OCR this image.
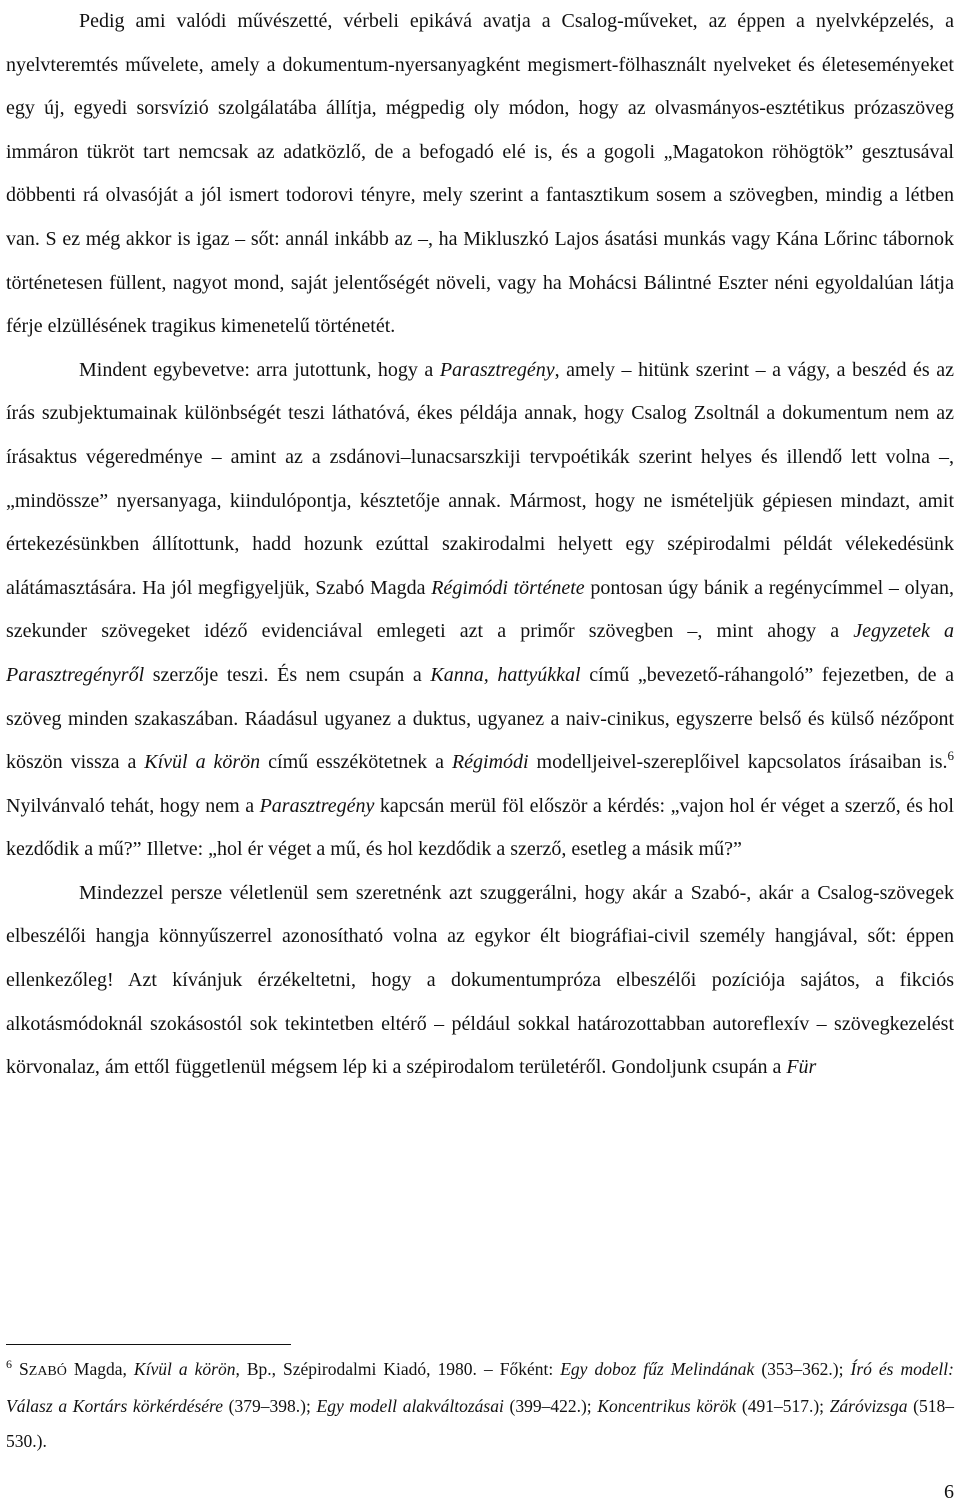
Pedig ami valódi művészetté, vérbeli epikává avatja a Csalog-műveket, az éppen a nyelvképzelés, a nyelvteremtés művelete, amely a dokumentum-nyersanyagként megismert-fölhasznált nyelveket és életeseményeket egy új, egyedi sorsvízió szolgálatába állítja, mégpedig oly módon, hogy az olvasmányos-esztétikus prózaszöveg immáron tükröt tart nemcsak az adatközlő, de a befogadó elé is, és a gogoli „Magatokon röhögtök” gesztusával döbbenti rá olvasóját a jól ismert todorovi tényre, mely szerint a fantasztikum sosem a szövegben, mindig a létben van. S ez még akkor is igaz – sőt: annál inkább az –, ha Mikluszkó Lajos ásatási munkás vagy Kána Lőrinc tábornok történetesen füllent, nagyot mond, saját jelentőségét növeli, vagy ha Mohácsi Bálintné Eszter néni egyoldalúan látja férje elzüllésének tragikus kimenetelű történetét.

Mindent egybevetve: arra jutottunk, hogy a Parasztregény, amely – hitünk szerint – a vágy, a beszéd és az írás szubjektumainak különbségét teszi láthatóvá, ékes példája annak, hogy Csalog Zsoltnál a dokumentum nem az írásaktus végeredménye – amint az a zsdánovi–lunacsarszkiji tervpoétikák szerint helyes és illendő lett volna –, „mindössze” nyersanyaga, kiindulópontja, késztetője annak. Mármost, hogy ne ismételjük gépiesen mindazt, amit értekezésünkben állítottunk, hadd hozunk ezúttal szakirodalmi helyett egy szépirodalmi példát vélekedésünk alátámasztására. Ha jól megfigyeljük, Szabó Magda Régimódi története pontosan úgy bánik a regénycímmel – olyan, szekunder szövegeket idéző evidenciával emlegeti azt a primőr szövegben –, mint ahogy a Jegyzetek a Parasztregényről szerzője teszi. És nem csupán a Kanna, hattyúkkal című „bevezető-ráhangoló” fejezetben, de a szöveg minden szakaszában. Ráadásul ugyanez a duktus, ugyanez a naiv-cinikus, egyszerre belső és külső nézőpont köszön vissza a Kívül a körön című esszékötetnek a Régimódi modelljeivel-szereplőivel kapcsolatos írásaiban is.$^6$ Nyilvánvaló tehát, hogy nem a Parasztregény kapcsán merül föl először a kérdés: „vajon hol ér véget a szerző, és hol kezdődik a mű?” Illetve: „hol ér véget a mű, és hol kezdődik a szerző, esetleg a másik mű?”

Mindezzel persze véletlenül sem szeretnénk azt szuggerálni, hogy akár a Szabó-, akár a Csalog-szövegek elbeszélői hangja könnyűszerrel azonosítható volna az egykor élt biográfiai-civil személy hangjával, sőt: éppen ellenkezőleg! Azt kívánjuk érzékeltetni, hogy a dokumentumpróza elbeszélői pozíciója sajátos, a fikciós alkotásmódoknál szokásostól sok tekintetben eltérő – például sokkal határozottabban autoreflexív – szövegkezelést körvonalaz, ám ettől függetlenül mégsem lép ki a szépirodalom területéről. Gondoljunk csupán a Für

$^6$ SZABÓ Magda, Kívül a körön, Bp., Szépirodalmi Kiadó, 1980. – Főként: Egy doboz fűz Melindának (353–362.); Író és modell: Válasz a Kortárs körkérdésére (379–398.); Egy modell alakváltozásai (399–422.); Koncentrikus körök (491–517.); Záróvizsga (518–530.).
6
